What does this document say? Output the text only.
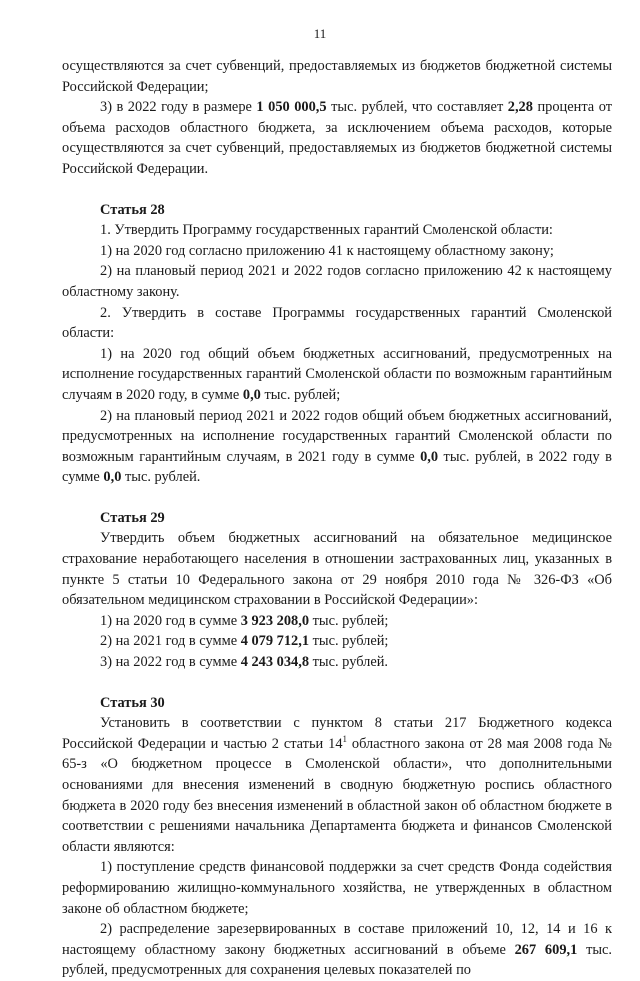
11

осуществляются за счет субвенций, предоставляемых из бюджетов бюджетной системы Российской Федерации;

3) в 2022 году в размере 1 050 000,5 тыс. рублей, что составляет 2,28 процента от объема расходов областного бюджета, за исключением объема расходов, которые осуществляются за счет субвенций, предоставляемых из бюджетов бюджетной системы Российской Федерации.

Статья 28

1. Утвердить Программу государственных гарантий Смоленской области:

1) на 2020 год согласно приложению 41 к настоящему областному закону;

2) на плановый период 2021 и 2022 годов согласно приложению 42 к настоящему областному закону.

2. Утвердить в составе Программы государственных гарантий Смоленской области:

1) на 2020 год общий объем бюджетных ассигнований, предусмотренных на исполнение государственных гарантий Смоленской области по возможным гарантийным случаям в 2020 году, в сумме 0,0 тыс. рублей;

2) на плановый период 2021 и 2022 годов общий объем бюджетных ассигнований, предусмотренных на исполнение государственных гарантий Смоленской области по возможным гарантийным случаям, в 2021 году в сумме 0,0 тыс. рублей, в 2022 году в сумме 0,0 тыс. рублей.

Статья 29

Утвердить объем бюджетных ассигнований на обязательное медицинское страхование неработающего населения в отношении застрахованных лиц, указанных в пункте 5 статьи 10 Федерального закона от 29 ноября 2010 года № 326-ФЗ «Об обязательном медицинском страховании в Российской Федерации»:

1) на 2020 год в сумме 3 923 208,0 тыс. рублей;

2) на 2021 год в сумме 4 079 712,1 тыс. рублей;

3) на 2022 год в сумме 4 243 034,8 тыс. рублей.

Статья 30

Установить в соответствии с пунктом 8 статьи 217 Бюджетного кодекса Российской Федерации и частью 2 статьи $14^1$ областного закона от 28 мая 2008 года № 65-з «О бюджетном процессе в Смоленской области», что дополнительными основаниями для внесения изменений в сводную бюджетную роспись областного бюджета в 2020 году без внесения изменений в областной закон об областном бюджете в соответствии с решениями начальника Департамента бюджета и финансов Смоленской области являются:

1) поступление средств финансовой поддержки за счет средств Фонда содействия реформированию жилищно-коммунального хозяйства, не утвержденных в областном законе об областном бюджете;

2) распределение зарезервированных в составе приложений 10, 12, 14 и 16 к настоящему областному закону бюджетных ассигнований в объеме 267 609,1 тыс. рублей, предусмотренных для сохранения целевых показателей по
